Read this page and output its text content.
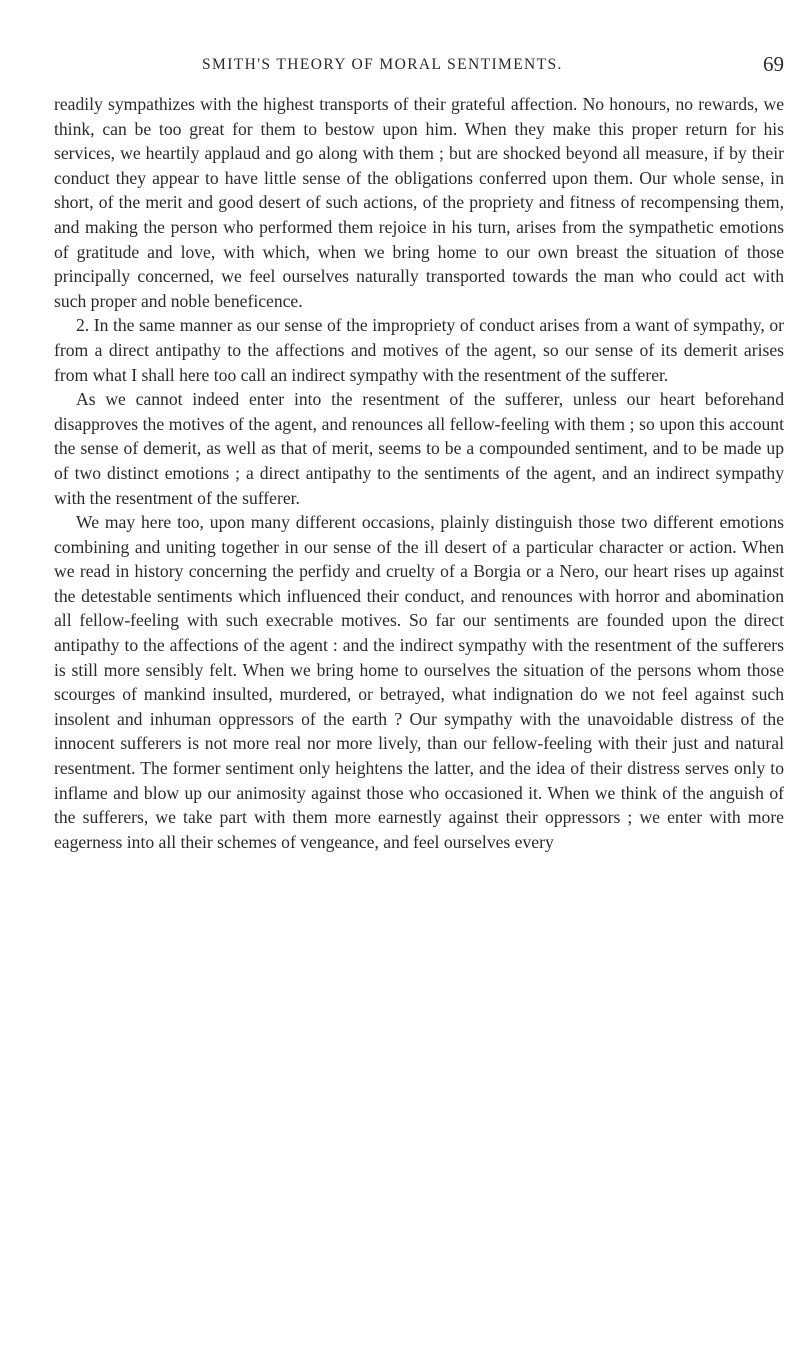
SMITH'S THEORY OF MORAL SENTIMENTS.	69

readily sympathizes with the highest transports of their grateful affection. No honours, no rewards, we think, can be too great for them to bestow upon him. When they make this proper return for his services, we heartily applaud and go along with them ; but are shocked beyond all measure, if by their conduct they appear to have little sense of the obligations conferred upon them. Our whole sense, in short, of the merit and good desert of such actions, of the propriety and fitness of recompensing them, and making the person who performed them rejoice in his turn, arises from the sympathetic emotions of gratitude and love, with which, when we bring home to our own breast the situation of those principally concerned, we feel ourselves naturally transported towards the man who could act with such proper and noble beneficence.

2. In the same manner as our sense of the impropriety of conduct arises from a want of sympathy, or from a direct antipathy to the affections and motives of the agent, so our sense of its demerit arises from what I shall here too call an indirect sympathy with the resentment of the sufferer.

As we cannot indeed enter into the resentment of the sufferer, unless our heart beforehand disapproves the motives of the agent, and renounces all fellow-feeling with them ; so upon this account the sense of demerit, as well as that of merit, seems to be a compounded sentiment, and to be made up of two distinct emotions ; a direct antipathy to the sentiments of the agent, and an indirect sympathy with the resentment of the sufferer.

We may here too, upon many different occasions, plainly distinguish those two different emotions combining and uniting together in our sense of the ill desert of a particular character or action. When we read in history concerning the perfidy and cruelty of a Borgia or a Nero, our heart rises up against the detestable sentiments which influenced their conduct, and renounces with horror and abomination all fellow-feeling with such execrable motives. So far our sentiments are founded upon the direct antipathy to the affections of the agent : and the indirect sympathy with the resentment of the sufferers is still more sensibly felt. When we bring home to ourselves the situation of the persons whom those scourges of mankind insulted, murdered, or betrayed, what indignation do we not feel against such insolent and inhuman oppressors of the earth ? Our sympathy with the unavoidable distress of the innocent sufferers is not more real nor more lively, than our fellow-feeling with their just and natural resentment. The former sentiment only heightens the latter, and the idea of their distress serves only to inflame and blow up our animosity against those who occasioned it. When we think of the anguish of the sufferers, we take part with them more earnestly against their oppressors ; we enter with more eagerness into all their schemes of vengeance, and feel ourselves every
